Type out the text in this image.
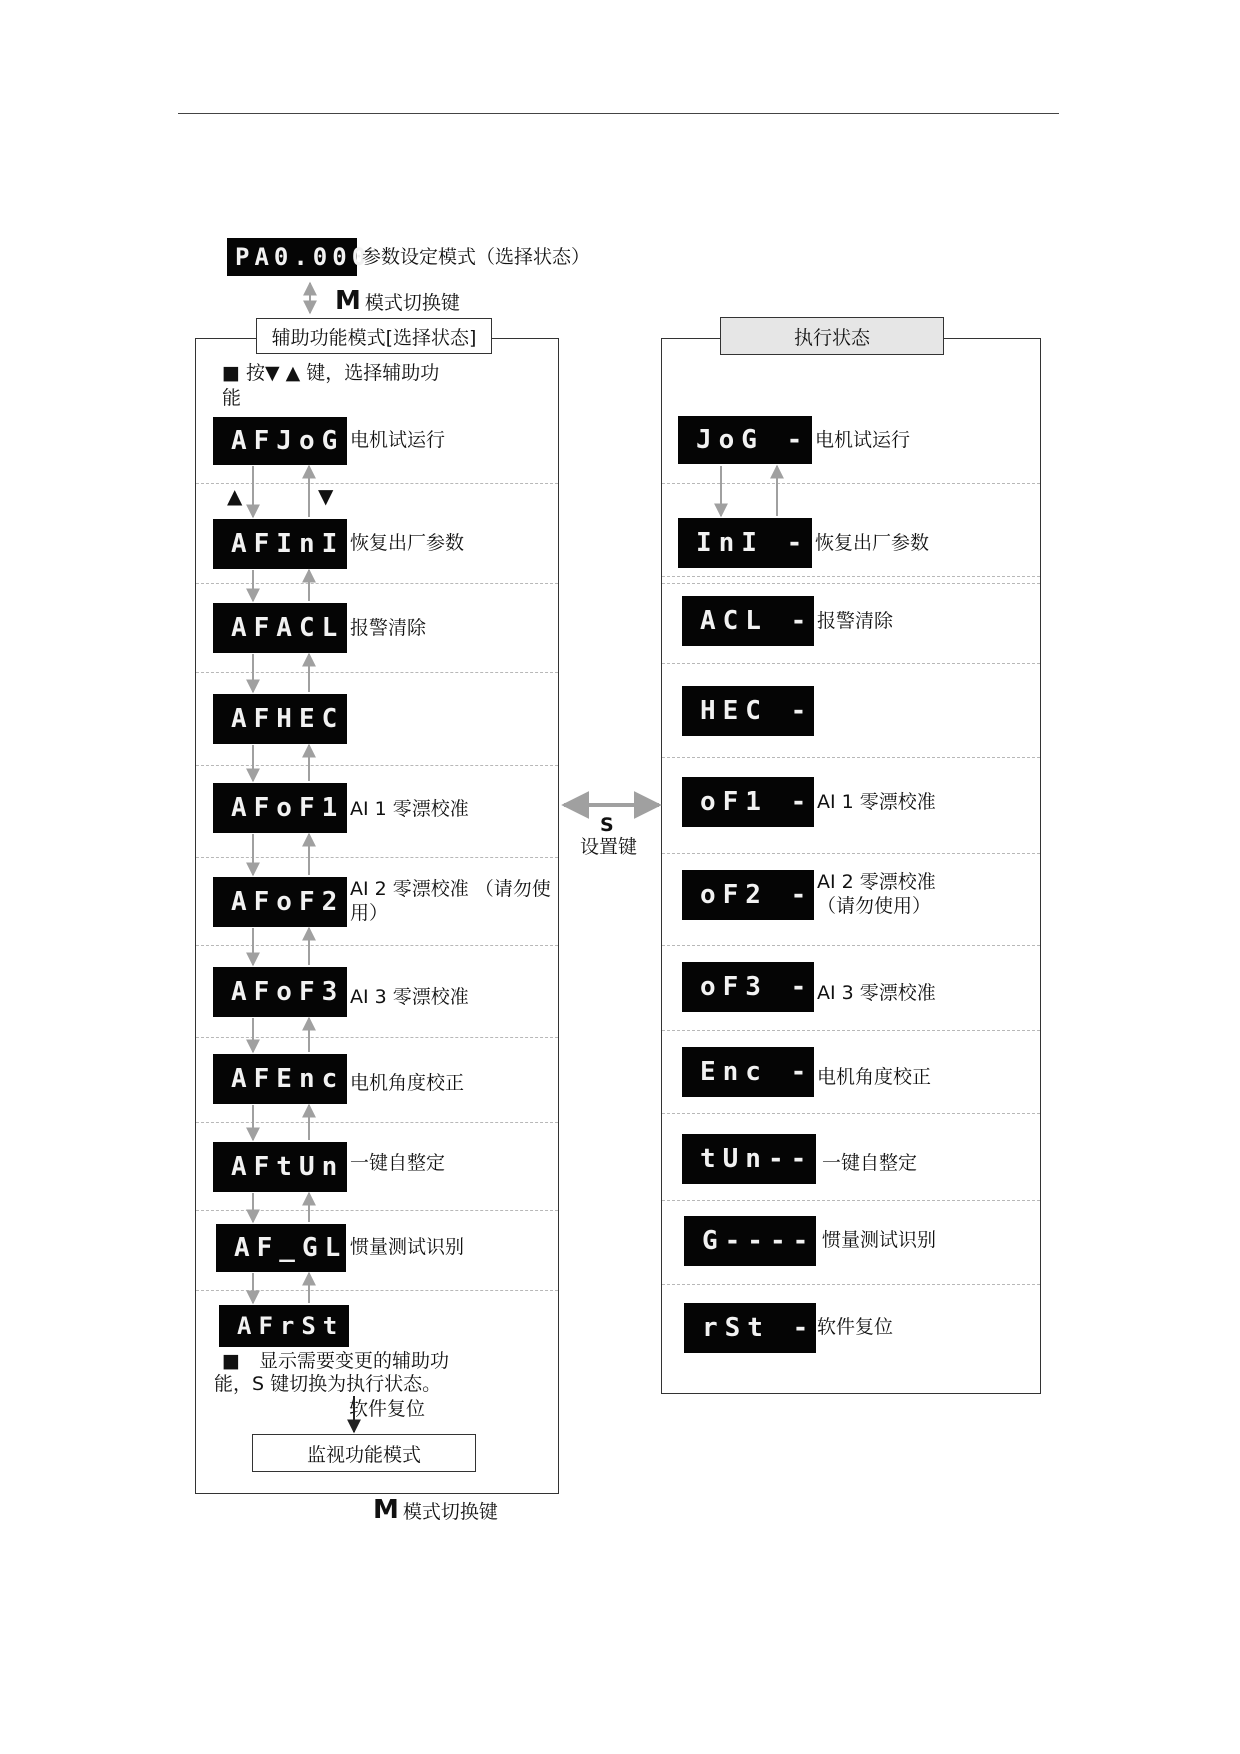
PA0.000
参数设定模式（选择状态）
M 模式切换键
辅助功能模式[选择状态]
■ 按▼ ▲ 键，选择辅助功
能
▲	▼
AFJoG 电机试运行
AFInI 恢复出厂参数
AFACL 报警清除
AFHEC
AFoF1 AI 1 零漂校准
AFoF2 AI 2 零漂校准 （请勿使
用）
AFoF3 AI 3 零漂校准
AFEnc 电机角度校正
AFtUn 一键自整定
AF_GL 惯量测试识别
AFrSt
■　显示需要变更的辅助功
能，S 键切换为执行状态。
软件复位
监视功能模式
M 模式切换键
S
设置键
执行状态
JoG - 电机试运行
InI - 恢复出厂参数
ACL - 报警清除
HEC -
oF1 - AI 1 零漂校准
oF2 - AI 2 零漂校准
（请勿使用）
oF3 - AI 3 零漂校准
Enc - 电机角度校正
tUn-- 一键自整定
G---- 惯量测试识别
rSt - 软件复位
